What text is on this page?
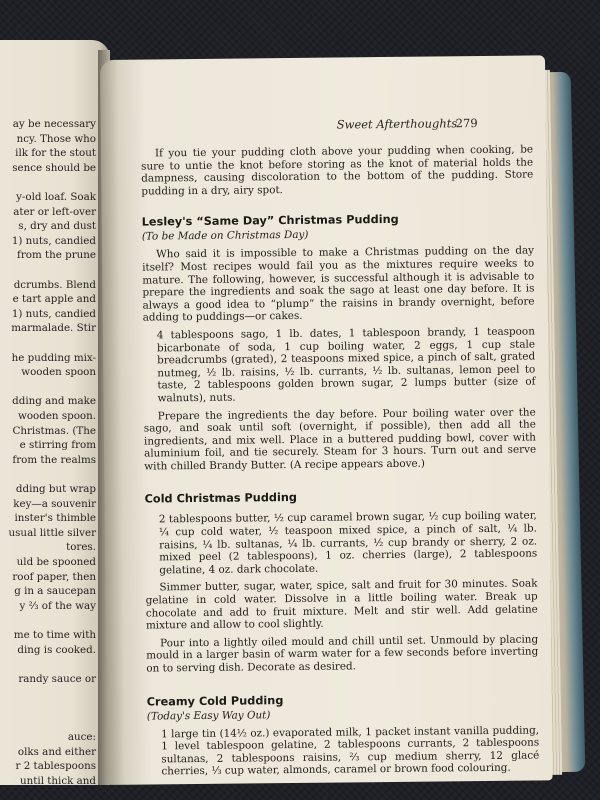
ay be necessary
ncy. Those who
ilk for the stout
sence should be
y-old loaf. Soak
ater or left-over
s, dry and dust
1) nuts, candied
from the prune
dcrumbs. Blend
e tart apple and
1) nuts, candied
marmalade. Stir
he pudding mix-
wooden spoon
dding and make
wooden spoon.
Christmas. (The
e stirring from
from the realms
dding but wrap
key—a souvenir
inster's thimble
usual little silver
tores.
uld be spooned
roof paper, then
g in a saucepan
y ⅔ of the way
me to time with
ding is cooked.
randy sauce or
auce:
olks and either
r 2 tablespoons
until thick and
Sweet Afterthoughts
279

If you tie your pudding cloth above your pudding when cooking, be sure to untie the knot before storing as the knot of material holds the dampness, causing discoloration to the bottom of the pudding. Store pudding in a dry, airy spot.

Lesley's “Same Day” Christmas Pudding
(To be Made on Christmas Day)

Who said it is impossible to make a Christmas pudding on the day itself? Most recipes would fail you as the mixtures require weeks to mature. The following, however, is successful although it is advisable to prepare the ingredients and soak the sago at least one day before. It is always a good idea to “plump” the raisins in brandy overnight, before adding to puddings—or cakes.

4 tablespoons sago, 1 lb. dates, 1 tablespoon brandy, 1 teaspoon bicarbonate of soda, 1 cup boiling water, 2 eggs, 1 cup stale breadcrumbs (grated), 2 teaspoons mixed spice, a pinch of salt, grated nutmeg, ½ lb. raisins, ½ lb. currants, ½ lb. sultanas, lemon peel to taste, 2 tablespoons golden brown sugar, 2 lumps butter (size of walnuts), nuts.

Prepare the ingredients the day before. Pour boiling water over the sago, and soak until soft (overnight, if possible), then add all the ingredients, and mix well. Place in a buttered pudding bowl, cover with aluminium foil, and tie securely. Steam for 3 hours. Turn out and serve with chilled Brandy Butter. (A recipe appears above.)

Cold Christmas Pudding

2 tablespoons butter, ½ cup caramel brown sugar, ½ cup boiling water, ¼ cup cold water, ½ teaspoon mixed spice, a pinch of salt, ¼ lb. raisins, ¼ lb. sultanas, ¼ lb. currants, ½ cup brandy or sherry, 2 oz. mixed peel (2 tablespoons), 1 oz. cherries (large), 2 tablespoons gelatine, 4 oz. dark chocolate.

Simmer butter, sugar, water, spice, salt and fruit for 30 minutes. Soak gelatine in cold water. Dissolve in a little boiling water. Break up chocolate and add to fruit mixture. Melt and stir well. Add gelatine mixture and allow to cool slightly.

Pour into a lightly oiled mould and chill until set. Unmould by placing mould in a larger basin of warm water for a few seconds before inverting on to serving dish. Decorate as desired.

Creamy Cold Pudding
(Today's Easy Way Out)

1 large tin (14½ oz.) evaporated milk, 1 packet instant vanilla pudding, 1 level tablespoon gelatine, 2 tablespoons currants, 2 tablespoons sultanas, 2 tablespoons raisins, ⅔ cup medium sherry, 12 glacé cherries, ⅓ cup water, almonds, caramel or brown food colouring.
